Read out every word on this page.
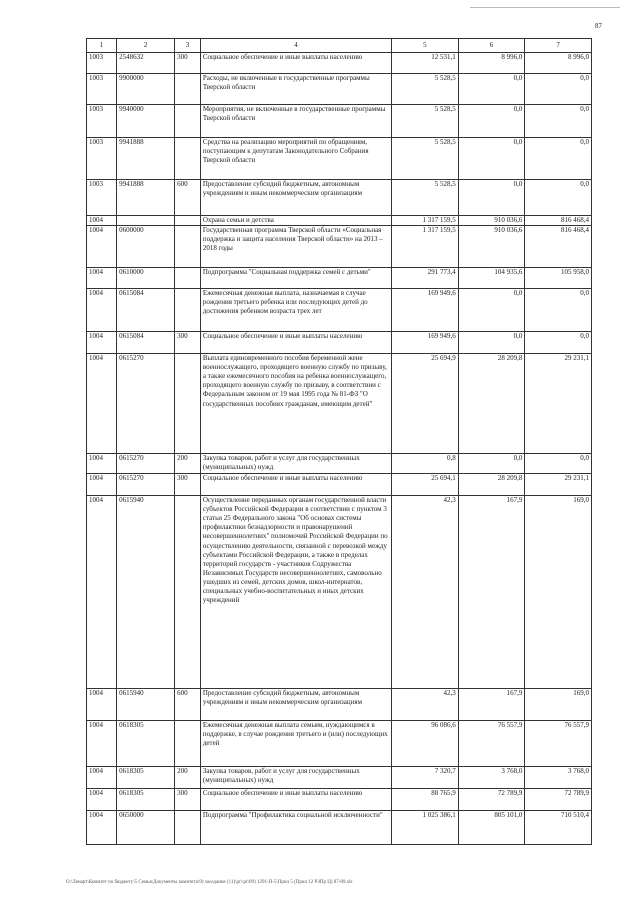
87
1	2	3	4	5	6	7
1003	2548632	300	Социальное обеспечение и иные выплаты населению	12 531,1	8 996,0	8 996,0
1003	9900000		Расходы, не включенные в государственные программы Тверской области	5 528,5	0,0	0,0
1003	9940000		Мероприятия, не включенные в государственные программы Тверской области	5 528,5	0,0	0,0
1003	9941888		Средства на реализацию мероприятий по обращениям, поступающим к депутатам Законодательного Собрания Тверской области	5 528,5	0,0	0,0
1003	9941888	600	Предоставление субсидий бюджетным, автономным учреждениям и иным некоммерческим организациям	5 528,5	0,0	0,0
1004			Охрана семьи и детства	1 317 159,5	910 036,6	816 468,4
1004	0600000		Государственная программа Тверской области «Социальная поддержка и защита населения Тверской области» на 2013 – 2018 годы	1 317 159,5	910 036,6	816 468,4
1004	0610000		Подпрограмма "Социальная поддержка семей с детьми"	291 773,4	104 935,6	105 958,0
1004	0615084		Ежемесячная денежная выплата, назначаемая в случае рождения третьего ребенка или последующих детей до достижения ребенком возраста трех лет	169 949,6	0,0	0,0
1004	0615084	300	Социальное обеспечение и иные выплаты населению	169 949,6	0,0	0,0
1004	0615270		Выплата единовременного пособия беременной жене военнослужащего, проходящего военную службу по призыву, а также ежемесячного пособия на ребенка военнослужащего, проходящего военную службу по призыву, в соответствии с Федеральным законом от 19 мая 1995 года № 81-ФЗ "О государственных пособиях гражданам, имеющим детей"	25 694,9	28 209,8	29 231,1
1004	0615270	200	Закупка товаров, работ и услуг для государственных (муниципальных) нужд	0,8	0,0	0,0
1004	0615270	300	Социальное обеспечение и иные выплаты населению	25 694,1	28 209,8	29 231,1
1004	0615940		Осуществление переданных органам государственной власти субъектов Российской Федерации в соответствии с пунктом 3 статьи 25 Федерального закона "Об основах системы профилактики безнадзорности и правонарушений несовершеннолетних" полномочий Российской Федерации по осуществлению деятельности, связанной с перевозкой между субъектами Российской Федерации, а также в пределах территорий государств - участников Содружества Независимых Государств несовершеннолетних, самовольно ушедших из семей, детских домов, школ-интернатов, специальных учебно-воспитательных и иных детских учреждений	42,3	167,9	169,0
1004	0615940	600	Предоставление субсидий бюджетным, автономным учреждениям и иным некоммерческим организациям	42,3	167,9	169,0
1004	0618305		Ежемесячная денежная выплата семьям, нуждающимся в поддержке, в случае рождения третьего и (или) последующих детей	96 086,6	76 557,9	76 557,9
1004	0618305	200	Закупка товаров, работ и услуг для государственных (муниципальных) нужд	7 320,7	3 768,0	3 768,0
1004	0618305	300	Социальное обеспечение и иные выплаты населению	88 765,9	72 789,9	72 789,9
1004	0650000		Подпрограмма "Профилактика социальной исключенности"	1 025 386,1	805 101,0	710 510,4
O:\Ленарт\Комитет по бюджету\5 Семья\Документы комитета\9) заседание (11)\pr\\pr\09) 1291-П-5\Прил 5 (Прил 12 РЗПр Ц) 87-89.xls
